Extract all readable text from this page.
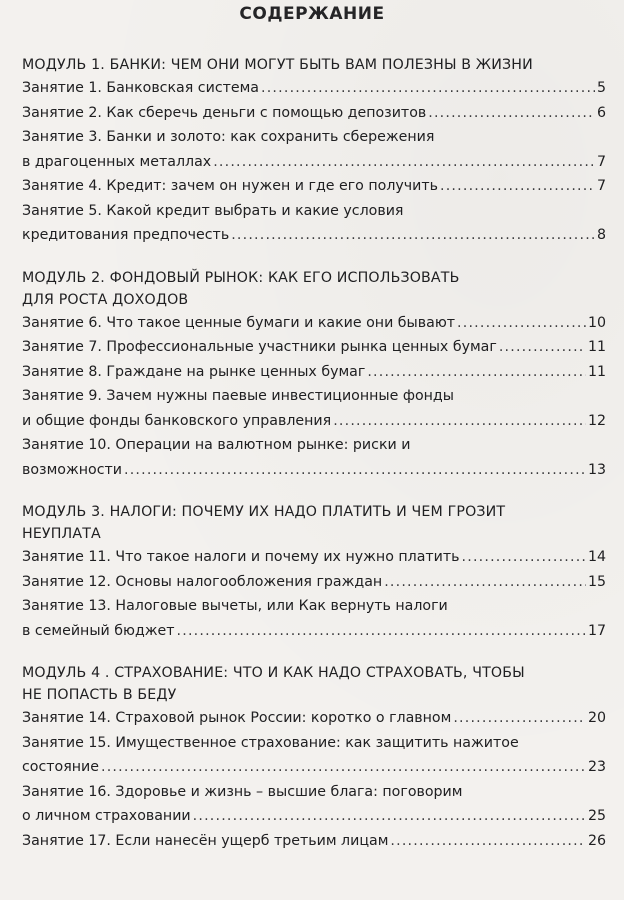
СОДЕРЖАНИЕ
МОДУЛЬ 1. БАНКИ: ЧЕМ ОНИ МОГУТ БЫТЬ ВАМ ПОЛЕЗНЫ В ЖИЗНИ
Занятие 1. Банковская система .....	5
Занятие 2. Как сберечь деньги с помощью депозитов .....	6
Занятие 3. Банки и золото: как сохранить сбережения
в драгоценных металлах .....	7
Занятие 4. Кредит: зачем он нужен и где его получить .....	7
Занятие 5. Какой кредит выбрать и какие условия
кредитования предпочесть .....	8
МОДУЛЬ 2. ФОНДОВЫЙ РЫНОК: КАК ЕГО ИСПОЛЬЗОВАТЬ
ДЛЯ РОСТА ДОХОДОВ
Занятие 6. Что такое ценные бумаги и какие они бывают .....	10
Занятие 7. Профессиональные участники рынка ценных бумаг .....	11
Занятие 8. Граждане на рынке ценных бумаг .....	11
Занятие 9. Зачем нужны паевые инвестиционные фонды
и общие фонды банковского управления .....	12
Занятие 10. Операции на валютном рынке: риски и
возможности .....	13
МОДУЛЬ 3. НАЛОГИ: ПОЧЕМУ ИХ НАДО ПЛАТИТЬ И ЧЕМ ГРОЗИТ
НЕУПЛАТА
Занятие 11. Что такое налоги и почему их нужно платить .....	14
Занятие 12. Основы налогообложения граждан .....	15
Занятие 13. Налоговые вычеты, или Как вернуть налоги
в семейный бюджет .....	17
МОДУЛЬ 4 . СТРАХОВАНИЕ: ЧТО И КАК НАДО СТРАХОВАТЬ, ЧТОБЫ
НЕ ПОПАСТЬ В БЕДУ
Занятие 14. Страховой рынок России: коротко о главном .....	20
Занятие 15. Имущественное страхование: как защитить нажитое
состояние .....	23
Занятие 16. Здоровье и жизнь – высшие блага: поговорим
о личном страховании .....	25
Занятие 17. Если нанесён ущерб третьим лицам .....	26
